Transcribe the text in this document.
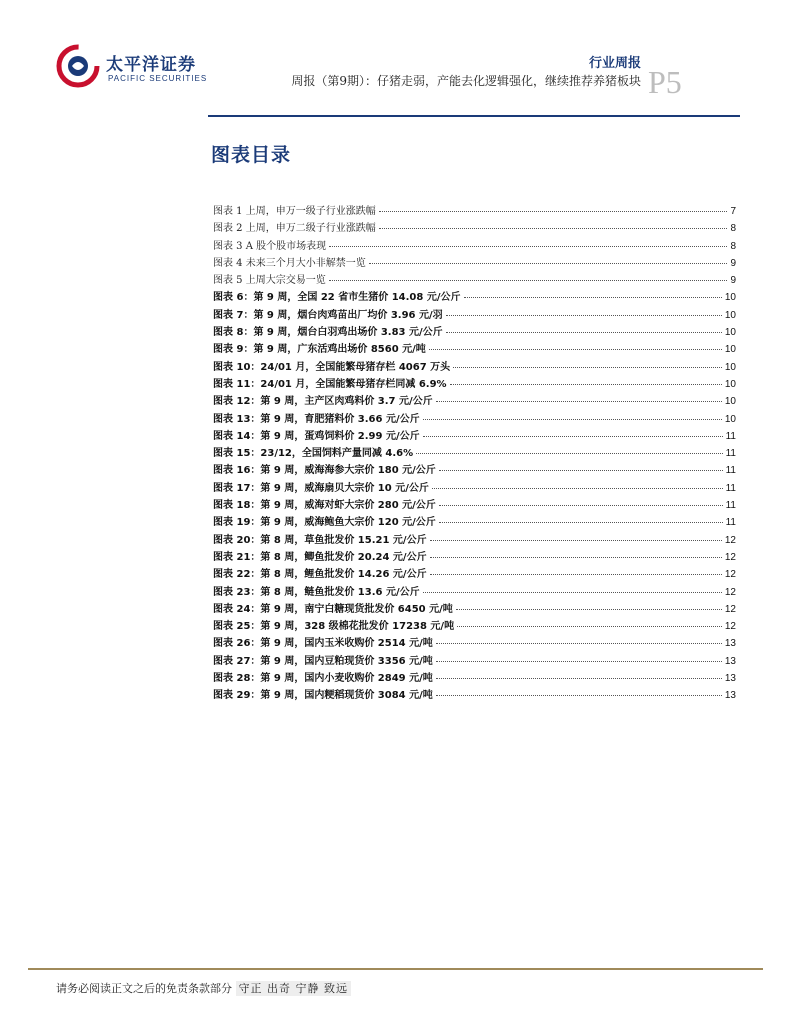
太平洋证券
PACIFIC SECURITIES
行业周报
周报（第9期）：仔猪走弱，产能去化逻辑强化，继续推荐养猪板块 P5
图表目录
图表 1 上周，申万一级子行业涨跌幅	7
图表 2 上周，申万二级子行业涨跌幅	8
图表 3 A 股个股市场表现	8
图表 4 未来三个月大小非解禁一览	9
图表 5 上周大宗交易一览	9
图表 6：第 9 周，全国 22 省市生猪价 14.08 元/公斤	10
图表 7：第 9 周，烟台肉鸡苗出厂均价 3.96 元/羽	10
图表 8：第 9 周，烟台白羽鸡出场价 3.83 元/公斤	10
图表 9：第 9 周，广东活鸡出场价 8560 元/吨	10
图表 10：24/01 月，全国能繁母猪存栏 4067 万头	10
图表 11：24/01 月，全国能繁母猪存栏同减 6.9%	10
图表 12：第 9 周，主产区肉鸡料价 3.7 元/公斤	10
图表 13：第 9 周，育肥猪料价 3.66 元/公斤	10
图表 14：第 9 周，蛋鸡饲料价 2.99 元/公斤	11
图表 15：23/12，全国饲料产量同减 4.6%	11
图表 16：第 9 周，威海海参大宗价 180 元/公斤	11
图表 17：第 9 周，威海扇贝大宗价 10 元/公斤	11
图表 18：第 9 周，威海对虾大宗价 280 元/公斤	11
图表 19：第 9 周，威海鲍鱼大宗价 120 元/公斤	11
图表 20：第 8 周，草鱼批发价 15.21 元/公斤	12
图表 21：第 8 周，鲫鱼批发价 20.24 元/公斤	12
图表 22：第 8 周，鲤鱼批发价 14.26 元/公斤	12
图表 23：第 8 周，鲢鱼批发价 13.6 元/公斤	12
图表 24：第 9 周，南宁白糖现货批发价 6450 元/吨	12
图表 25：第 9 周，328 级棉花批发价 17238 元/吨	12
图表 26：第 9 周，国内玉米收购价 2514 元/吨	13
图表 27：第 9 周，国内豆粕现货价 3356 元/吨	13
图表 28：第 9 周，国内小麦收购价 2849 元/吨	13
图表 29：第 9 周，国内粳稻现货价 3084 元/吨	13
请务必阅读正文之后的免责条款部分 守正 出奇 宁静 致远
